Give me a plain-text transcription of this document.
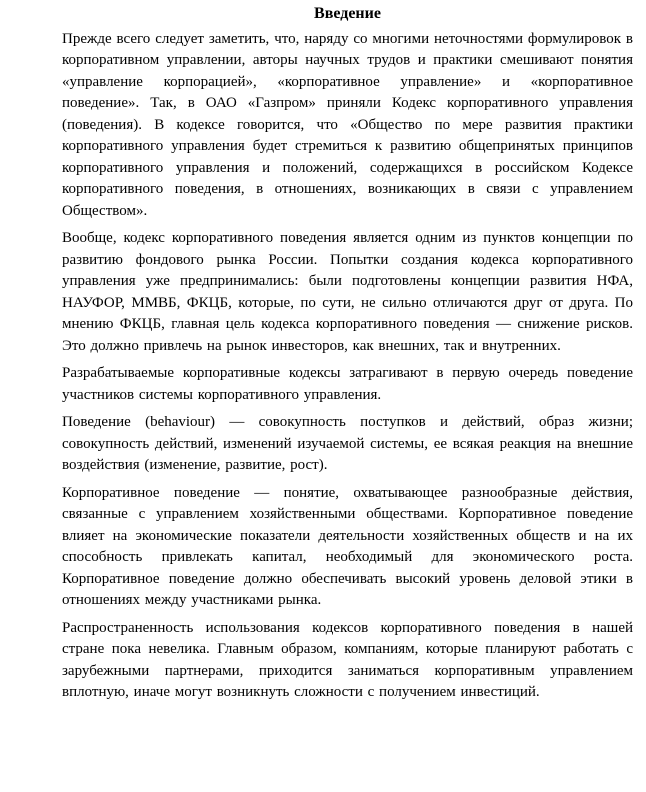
Введение

Прежде всего следует заметить, что, наряду со многими неточностями формулировок в корпоративном управлении, авторы научных трудов и практики смешивают понятия «управление корпорацией», «корпоративное управление» и «корпоративное поведение». Так, в ОАО «Газпром» приняли Кодекс корпоративного управления (поведения). В кодексе говорится, что «Общество по мере развития практики корпоративного управления будет стремиться к развитию общепринятых принципов корпоративного управления и положений, содержащихся в российском Кодексе корпоративного поведения, в отношениях, возникающих в связи с управлением Обществом».

Вообще, кодекс корпоративного поведения является одним из пунктов концепции по развитию фондового рынка России. Попытки создания кодекса корпоративного управления уже предпринимались: были подготовлены концепции развития НФА, НАУФОР, ММВБ, ФКЦБ, которые, по сути, не сильно отличаются друг от друга. По мнению ФКЦБ, главная цель кодекса корпоративного поведения — снижение рисков. Это должно привлечь на рынок инвесторов, как внешних, так и внутренних.

Разрабатываемые корпоративные кодексы затрагивают в первую очередь поведение участников системы корпоративного управления.

Поведение (behaviour) — совокупность поступков и действий, образ жизни; совокупность действий, изменений изучаемой системы, ее всякая реакция на внешние воздействия (изменение, развитие, рост).

Корпоративное поведение — понятие, охватывающее разнообразные действия, связанные с управлением хозяйственными обществами. Корпоративное поведение влияет на экономические показатели деятельности хозяйственных обществ и на их способность привлекать капитал, необходимый для экономического роста. Корпоративное поведение должно обеспечивать высокий уровень деловой этики в отношениях между участниками рынка.

Распространенность использования кодексов корпоративного поведения в нашей стране пока невелика. Главным образом, компаниям, которые планируют работать с зарубежными партнерами, приходится заниматься корпоративным управлением вплотную, иначе могут возникнуть сложности с получением инвестиций.
